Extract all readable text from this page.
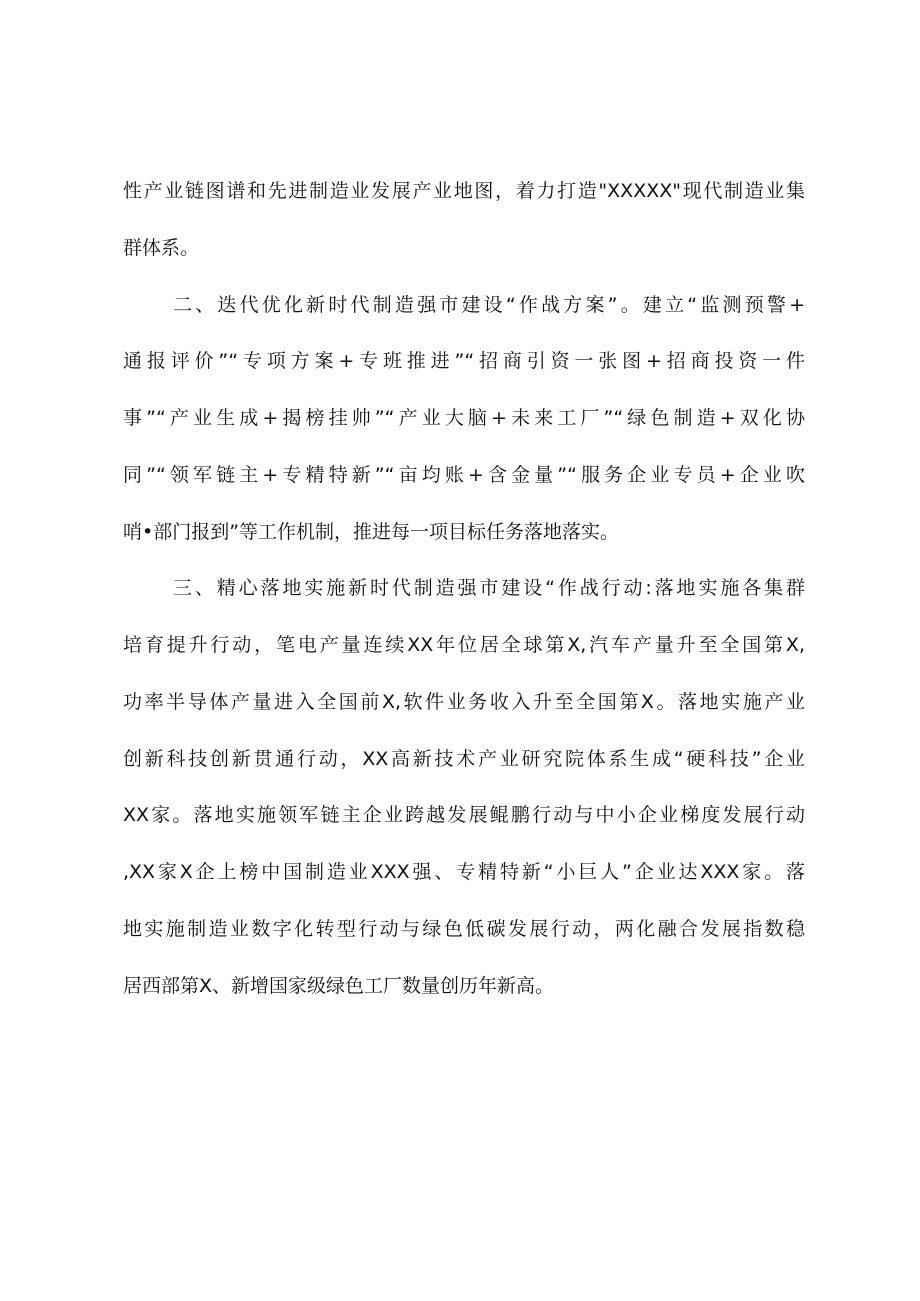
性产业链图谱和先进制造业发展产业地图，着力打造"XXXXX"现代制造业集
群体系。
二、迭代优化新时代制造强市建设“作战方案”。建立“监测预警+
通报评价”“专项方案+专班推进”“招商引资一张图+招商投资一件
事”“产业生成+揭榜挂帅”“产业大脑+未来工厂”“绿色制造+双化协
同”“领军链主+专精特新”“亩均账+含金量”“服务企业专员+企业吹
哨•部门报到”等工作机制，推进每一项目标任务落地落实。
三、精心落地实施新时代制造强市建设“作战行动:落地实施各集群
培育提升行动，笔电产量连续XX年位居全球第X,汽车产量升至全国第X,
功率半导体产量进入全国前X,软件业务收入升至全国第X。落地实施产业
创新科技创新贯通行动，XX高新技术产业研究院体系生成“硬科技”企业
XX家。落地实施领军链主企业跨越发展鲲鹏行动与中小企业梯度发展行动
,XX家X企上榜中国制造业XXX强、专精特新“小巨人”企业达XXX家。落
地实施制造业数字化转型行动与绿色低碳发展行动，两化融合发展指数稳
居西部第X、新增国家级绿色工厂数量创历年新高。
